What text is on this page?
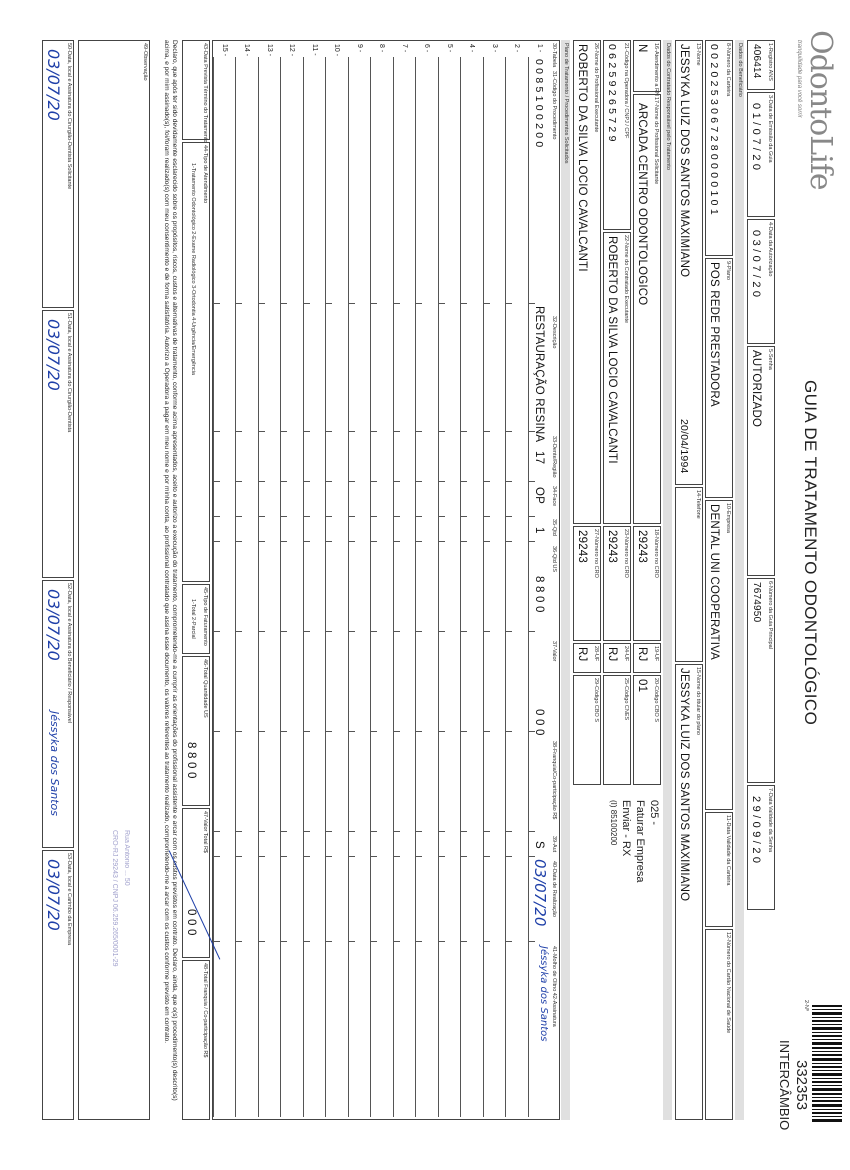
OdontoLife
tranquilidade para você sorrir
GUIA DE TRATAMENTO ODONTOLÓGICO
2-Nº
332353
INTERCÂMBIO
1-Registro ANS
406414
3-Data de Emissão da Guia
0 1 / 0 7 / 2 0
4-Data da Autorização
0 3 / 0 7 / 2 0
5-Senha
AUTORIZADO
6-Número da Guia Principal
7674950
7-Data Validade da Senha
2 9 / 0 9 / 2 0
Dados do Beneficiário
8-Número da Carteira
0 0 2 0 2 5 3 0 6 7 2 8 0 0 0 0 1 0 1
9-Plano
POS REDE PRESTADORA
10-Empresa
DENTAL UNI COOPERATIVA
11-Data Validade da Carteira
12-Número do Cartão Nacional de Saúde
13-Nome
JESSYKA LUIZ DOS SANTOS MAXIMIANO
20/04/1994
14-Telefone
15-Nome do titular do plano
JESSYKA LUIZ DOS SANTOS MAXIMIANO
Dados do Contratado Responsável pelo Tratamento
16-Atendimento a RN
N
17-Nome do Profissional Solicitante
ARCADA CENTRO ODONTOLOGICO
18-Número no CRO
29243
19-UF
RJ
20-Código CBO S
01
025 -
Faturar Empresa
Enviar - RX
(I) 85100200
21-Código na Operadora / CNPJ / CPF
0 6 2 5 9 2 6 5 7 2 9
22-Nome do Contratado Executante
ROBERTO DA SILVA LOCIO CAVALCANTI
23-Número no CRO
29243
24-UF
RJ
25-Código CNES
26-Nome do Profissional Executante
ROBERTO DA SILVA LOCIO CAVALCANTI
27-Número no CRO
29243
28-UF
RJ
29-Código CBO S
Plano de Tratamento / Procedimentos Solicitados
30-Tabela
31-Código do Procedimento
32-Descrição
33-Dente/Região
34-Face
35-Qtd
36-Qtd US
37-Valor
38-Franquia/Co-participação R$
39-Aut
40-Data de Realização
41-Molho de Oltno 42-Assinatura
1 -
0 0 8 5 1 0 0 2 0 0
RESTAURAÇÃO RESINA
17
OP
1
8 8 0 0
0 0 0
S
03/07/20
Jéssyka dos Santos
2 -
3 -
4 -
5 -
6 -
7 -
8 -
9 -
10 -
11 -
12 -
13 -
14 -
15 -
43-Data Prevista Término do Tratamento
44-Tipo de Atendimento
1-Tratamento Odontológico 2-Exame Radiológico 3-Ortodontia 4-Urgência/Emergência
45-Tipo de Faturamento
1-Total 2-Parcial
46-Total Quantidade US
8 8 0 0
47-Valor Total R$
0 0 0
48-Total Franquia / Co-participação R$
Declaro, que após ter sido devidamente esclarecido sobre os propósitos, riscos, custos e alternativas de tratamento, conforme acima apresentados, aceito e autorizo a execução do tratamento, comprometendo-me a cumprir as orientações do profissional assistente e arcar com os custos previstos em contrato. Declaro, ainda, que o(s) procedimento(s) descrito(s) acima, e por mim assinado(s), foi/foram realizado(s) com meu consentimento e de forma satisfatória. Autorizo a Operadora a pagar em meu nome e por minha conta, ao profissional contratado que assina esse documento, os valores referentes ao tratamento realizado, comprometendo-me a arcar com os custos conforme previsto em contrato.
49-Observação
50-Data, local e Assinatura do Cirurgião-Dentista Solicitante
03/07/20
51-Data, local e Assinatura do Cirurgião-Dentista
03/07/20
52-Data, local e Assinatura do Beneficiário / Responsável
03/07/20
Jéssyka dos Santos
53-Data, local e Carimbo da Empresa
03/07/20
Rua Antonio ... 50
CRO-RJ 29243 / CNPJ 06.259.265/0001-29
